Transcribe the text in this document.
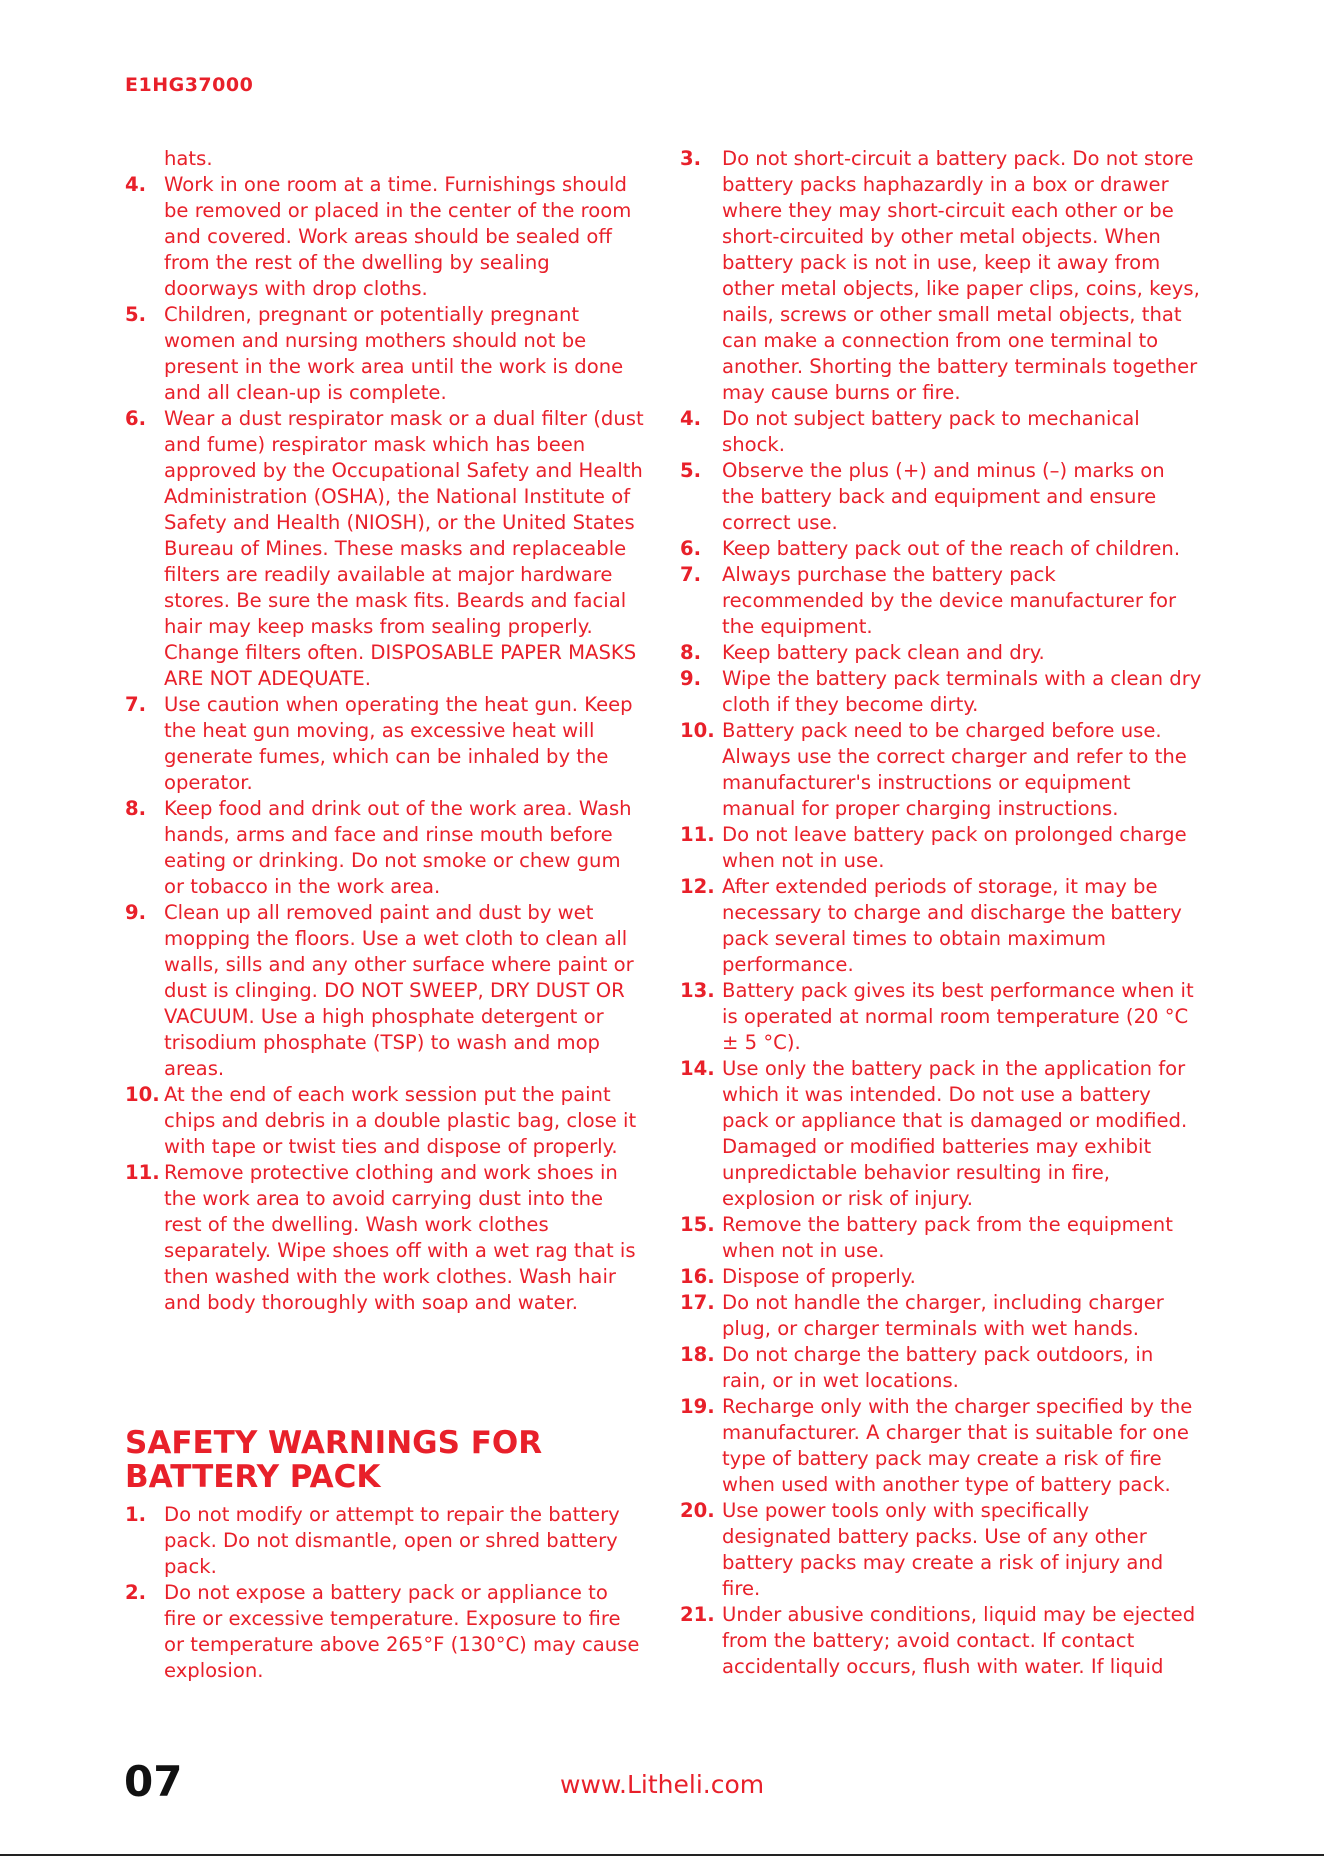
E1HG37000
hats.
4. Work in one room at a time. Furnishings should be removed or placed in the center of the room and covered. Work areas should be sealed off from the rest of the dwelling by sealing doorways with drop cloths.
5. Children, pregnant or potentially pregnant women and nursing mothers should not be present in the work area until the work is done and all clean-up is complete.
6. Wear a dust respirator mask or a dual filter (dust and fume) respirator mask which has been approved by the Occupational Safety and Health Administration (OSHA), the National Institute of Safety and Health (NIOSH), or the United States Bureau of Mines. These masks and replaceable filters are readily available at major hardware stores. Be sure the mask fits. Beards and facial hair may keep masks from sealing properly. Change filters often. DISPOSABLE PAPER MASKS ARE NOT ADEQUATE.
7. Use caution when operating the heat gun. Keep the heat gun moving, as excessive heat will generate fumes, which can be inhaled by the operator.
8. Keep food and drink out of the work area. Wash hands, arms and face and rinse mouth before eating or drinking. Do not smoke or chew gum or tobacco in the work area.
9. Clean up all removed paint and dust by wet mopping the floors. Use a wet cloth to clean all walls, sills and any other surface where paint or dust is clinging. DO NOT SWEEP, DRY DUST OR VACUUM. Use a high phosphate detergent or trisodium phosphate (TSP) to wash and mop areas.
10. At the end of each work session put the paint chips and debris in a double plastic bag, close it with tape or twist ties and dispose of properly.
11. Remove protective clothing and work shoes in the work area to avoid carrying dust into the rest of the dwelling. Wash work clothes separately. Wipe shoes off with a wet rag that is then washed with the work clothes. Wash hair and body thoroughly with soap and water.
SAFETY WARNINGS FOR BATTERY PACK
1. Do not modify or attempt to repair the battery pack. Do not dismantle, open or shred battery pack.
2. Do not expose a battery pack or appliance to fire or excessive temperature. Exposure to fire or temperature above 265°F (130°C) may cause explosion.
3. Do not short-circuit a battery pack. Do not store battery packs haphazardly in a box or drawer where they may short-circuit each other or be short-circuited by other metal objects. When battery pack is not in use, keep it away from other metal objects, like paper clips, coins, keys, nails, screws or other small metal objects, that can make a connection from one terminal to another. Shorting the battery terminals together may cause burns or fire.
4. Do not subject battery pack to mechanical shock.
5. Observe the plus (+) and minus (–) marks on the battery back and equipment and ensure correct use.
6. Keep battery pack out of the reach of children.
7. Always purchase the battery pack recommended by the device manufacturer for the equipment.
8. Keep battery pack clean and dry.
9. Wipe the battery pack terminals with a clean dry cloth if they become dirty.
10. Battery pack need to be charged before use. Always use the correct charger and refer to the manufacturer's instructions or equipment manual for proper charging instructions.
11. Do not leave battery pack on prolonged charge when not in use.
12. After extended periods of storage, it may be necessary to charge and discharge the battery pack several times to obtain maximum performance.
13. Battery pack gives its best performance when it is operated at normal room temperature (20 °C ± 5 °C).
14. Use only the battery pack in the application for which it was intended. Do not use a battery pack or appliance that is damaged or modified. Damaged or modified batteries may exhibit unpredictable behavior resulting in fire, explosion or risk of injury.
15. Remove the battery pack from the equipment when not in use.
16. Dispose of properly.
17. Do not handle the charger, including charger plug, or charger terminals with wet hands.
18. Do not charge the battery pack outdoors, in rain, or in wet locations.
19. Recharge only with the charger specified by the manufacturer. A charger that is suitable for one type of battery pack may create a risk of fire when used with another type of battery pack.
20. Use power tools only with specifically designated battery packs. Use of any other battery packs may create a risk of injury and fire.
21. Under abusive conditions, liquid may be ejected from the battery; avoid contact. If contact accidentally occurs, flush with water. If liquid
07	www.Litheli.com
